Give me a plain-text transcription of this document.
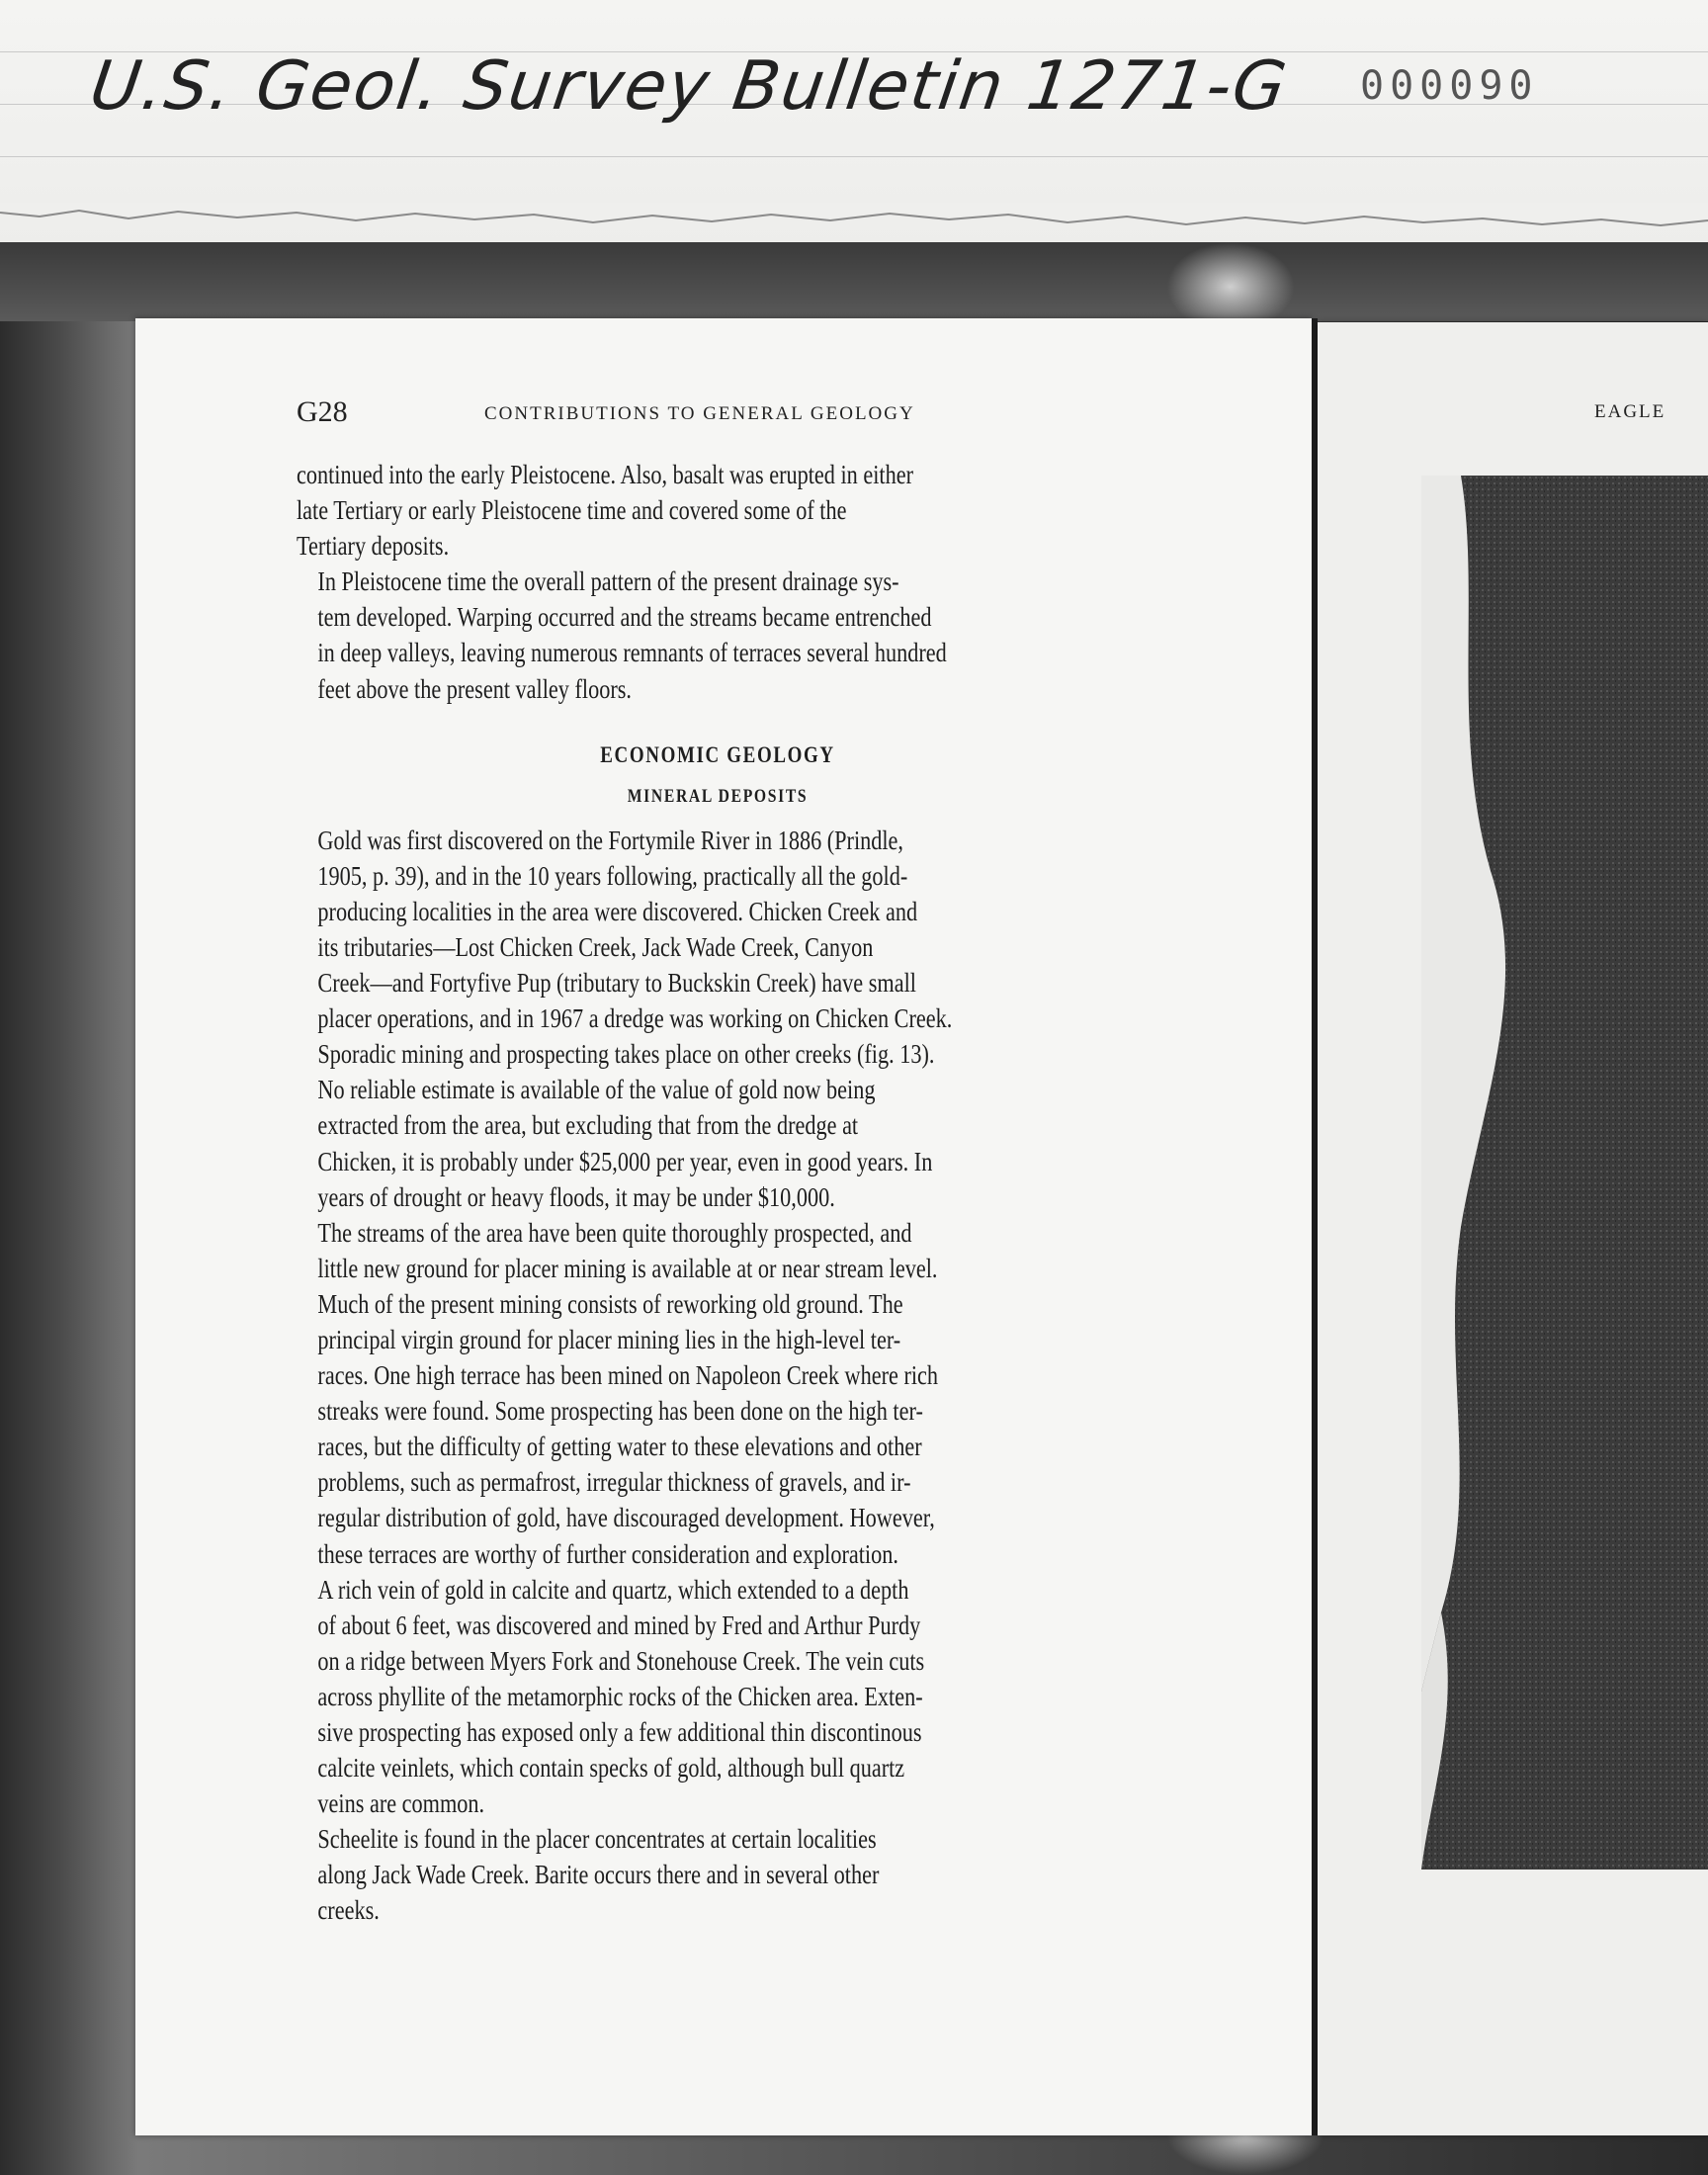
U.S. Geol. Survey Bulletin 1271-G 000090
G28	CONTRIBUTIONS TO GENERAL GEOLOGY

continued into the early Pleistocene. Also, basalt was erupted in either
late Tertiary or early Pleistocene time and covered some of the
Tertiary deposits.

In Pleistocene time the overall pattern of the present drainage sys-
tem developed. Warping occurred and the streams became entrenched
in deep valleys, leaving numerous remnants of terraces several hundred
feet above the present valley floors.

ECONOMIC GEOLOGY
MINERAL DEPOSITS

Gold was first discovered on the Fortymile River in 1886 (Prindle,
1905, p. 39), and in the 10 years following, practically all the gold-
producing localities in the area were discovered. Chicken Creek and
its tributaries—Lost Chicken Creek, Jack Wade Creek, Canyon
Creek—and Fortyfive Pup (tributary to Buckskin Creek) have small
placer operations, and in 1967 a dredge was working on Chicken Creek.
Sporadic mining and prospecting takes place on other creeks (fig. 13).
No reliable estimate is available of the value of gold now being
extracted from the area, but excluding that from the dredge at
Chicken, it is probably under $25,000 per year, even in good years. In
years of drought or heavy floods, it may be under $10,000.

The streams of the area have been quite thoroughly prospected, and
little new ground for placer mining is available at or near stream level.
Much of the present mining consists of reworking old ground. The
principal virgin ground for placer mining lies in the high-level ter-
races. One high terrace has been mined on Napoleon Creek where rich
streaks were found. Some prospecting has been done on the high ter-
races, but the difficulty of getting water to these elevations and other
problems, such as permafrost, irregular thickness of gravels, and ir-
regular distribution of gold, have discouraged development. However,
these terraces are worthy of further consideration and exploration.

A rich vein of gold in calcite and quartz, which extended to a depth
of about 6 feet, was discovered and mined by Fred and Arthur Purdy
on a ridge between Myers Fork and Stonehouse Creek. The vein cuts
across phyllite of the metamorphic rocks of the Chicken area. Exten-
sive prospecting has exposed only a few additional thin discontinous
calcite veinlets, which contain specks of gold, although bull quartz
veins are common.

Scheelite is found in the placer concentrates at certain localities
along Jack Wade Creek. Barite occurs there and in several other
creeks.

EAGLE
